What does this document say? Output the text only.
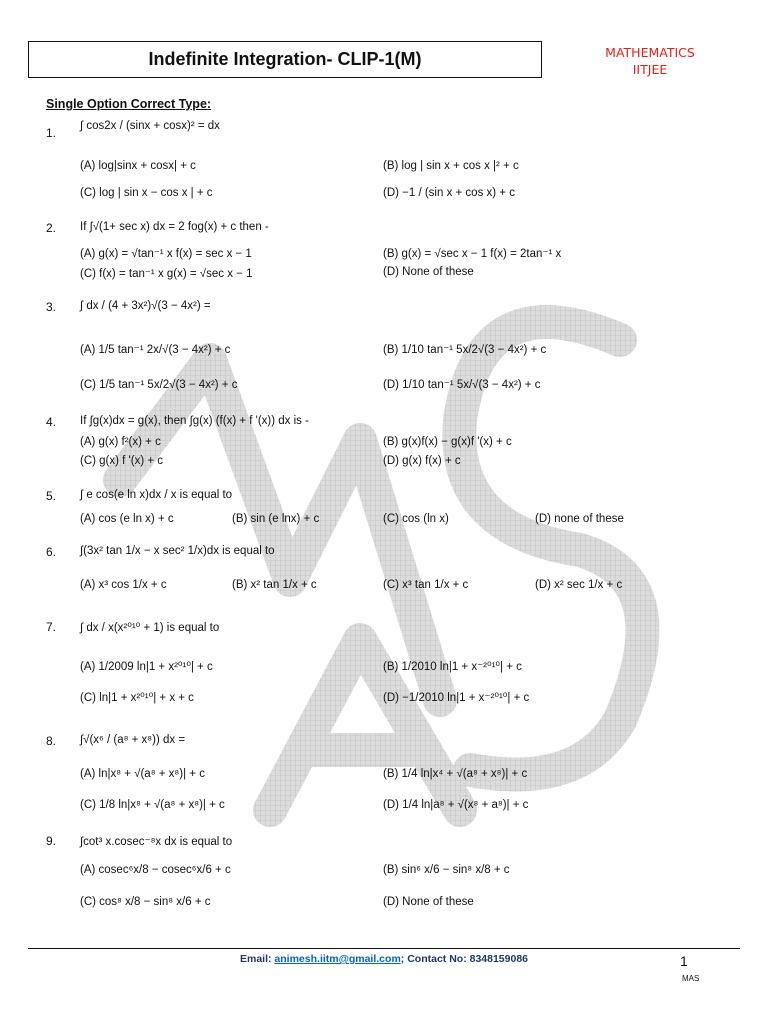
Indefinite Integration- CLIP-1(M)	MATHEMATICS
IITJEE
Single Option Correct Type:
1. ∫ cos2x / (sinx + cosx)² = dx
(A) log|sinx + cosx| + c	(B) log | sin x + cos x |² + c
(C) log | sin x − cos x | + c	(D) −1 / (sin x + cos x) + c
2. If ∫√(1+ sec x) dx = 2 fog(x) + c then -
(A) g(x) = √tan⁻¹ x f(x) = sec x − 1	(B) g(x) = √sec x − 1 f(x) = 2tan⁻¹ x
(C) f(x) = tan⁻¹ x g(x) = √sec x − 1	(D) None of these
3. ∫ dx / (4 + 3x²)√(3 − 4x²) =
(A) 1/5 tan⁻¹ 2x/√(3 − 4x²) + c	(B) 1/10 tan⁻¹ 5x/2√(3 − 4x²) + c
(C) 1/5 tan⁻¹ 5x/2√(3 − 4x²) + c	(D) 1/10 tan⁻¹ 5x/√(3 − 4x²) + c
4. If ∫g(x)dx = g(x), then ∫g(x) (f(x) + f '(x)) dx is -
(A) g(x) f²(x) + c	(B) g(x)f(x) − g(x)f '(x) + c
(C) g(x) f '(x) + c	(D) g(x) f(x) + c
5. ∫ e cos(e ln x)dx / x is equal to
(A) cos (e ln x) + c	(B) sin (e lnx) + c	(C) cos (ln x)	(D) none of these
6. ∫(3x² tan 1/x − x sec² 1/x)dx is equal to
(A) x³ cos 1/x + c	(B) x² tan 1/x + c	(C) x³ tan 1/x + c	(D) x² sec 1/x + c
7. ∫ dx / x(x²⁰¹⁰ + 1) is equal to
(A) 1/2009 ln|1 + x²⁰¹⁰| + c	(B) 1/2010 ln|1 + x⁻²⁰¹⁰| + c
(C) ln|1 + x²⁰¹⁰| + x + c	(D) −1/2010 ln|1 + x⁻²⁰¹⁰| + c
8. ∫√(x⁶ / (a⁸ + x⁸)) dx =
(A) ln|x⁸ + √(a⁸ + x⁸)| + c	(B) 1/4 ln|x⁴ + √(a⁸ + x⁸)| + c
(C) 1/8 ln|x⁸ + √(a⁸ + x⁸)| + c	(D) 1/4 ln|a⁸ + √(x⁸ + a⁸)| + c
9. ∫cot³ x.cosec⁻⁸x dx is equal to
(A) cosec⁶x/8 − cosec⁶x/6 + c	(B) sin⁶ x/6 − sin⁸ x/8 + c
(C) cos⁸ x/8 − sin⁸ x/6 + c	(D) None of these
Email: animesh.iitm@gmail.com; Contact No: 8348159086	1
MAS
